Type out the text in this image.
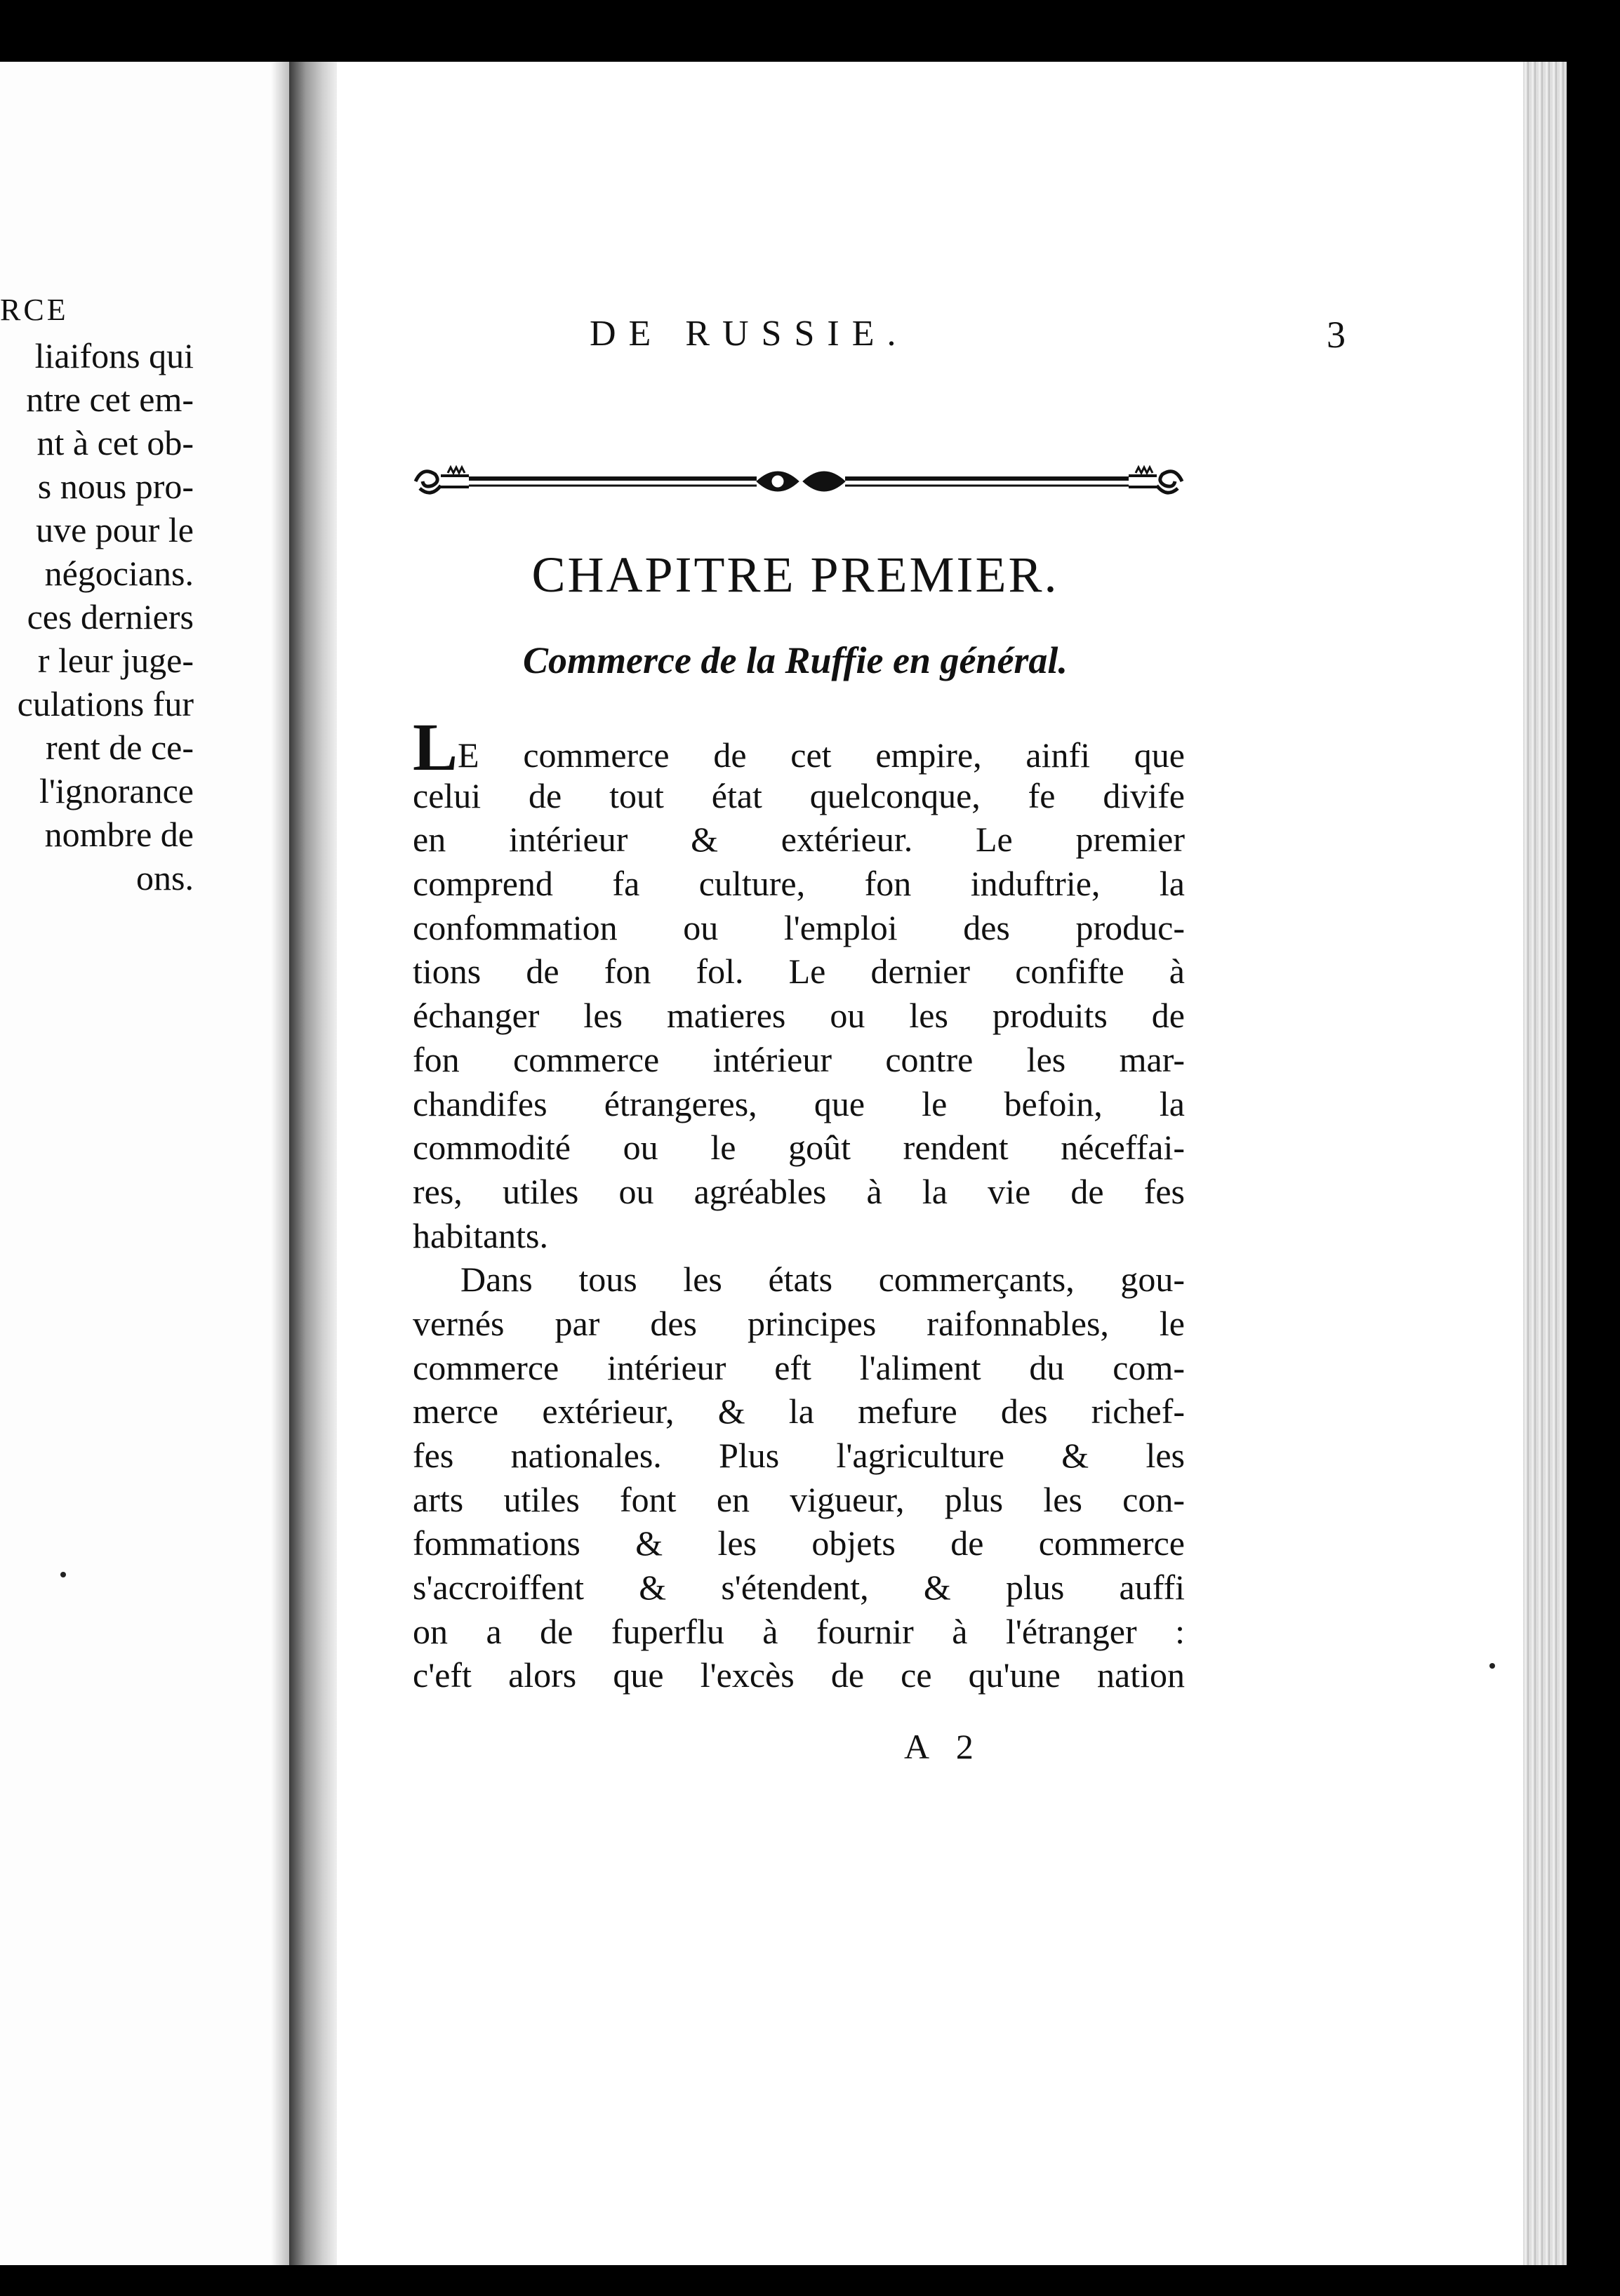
RCE
liaifons qui
ntre cet em-
nt à cet ob-
s nous pro-
uve pour le
négocians.
ces derniers
r leur juge-
culations fur
rent de ce-
l'ignorance
nombre de
ons.
DE RUSSIE.	3
CHAPITRE PREMIER.
Commerce de la Ruffie en général.
LE commerce de cet empire, ainfi que
celui de tout état quelconque, fe divife
en intérieur & extérieur. Le premier
comprend fa culture, fon induftrie, la
confommation ou l'emploi des produc-
tions de fon fol. Le dernier confifte à
échanger les matieres ou les produits de
fon commerce intérieur contre les mar-
chandifes étrangeres, que le befoin, la
commodité ou le goût rendent néceffai-
res, utiles ou agréables à la vie de fes
habitants.
Dans tous les états commerçants, gou-
vernés par des principes raifonnables, le
commerce intérieur eft l'aliment du com-
merce extérieur, & la mefure des richef-
fes nationales. Plus l'agriculture & les
arts utiles font en vigueur, plus les con-
fommations & les objets de commerce
s'accroiffent & s'étendent, & plus auffi
on a de fuperflu à fournir à l'étranger :
c'eft alors que l'excès de ce qu'une nation
A 2
